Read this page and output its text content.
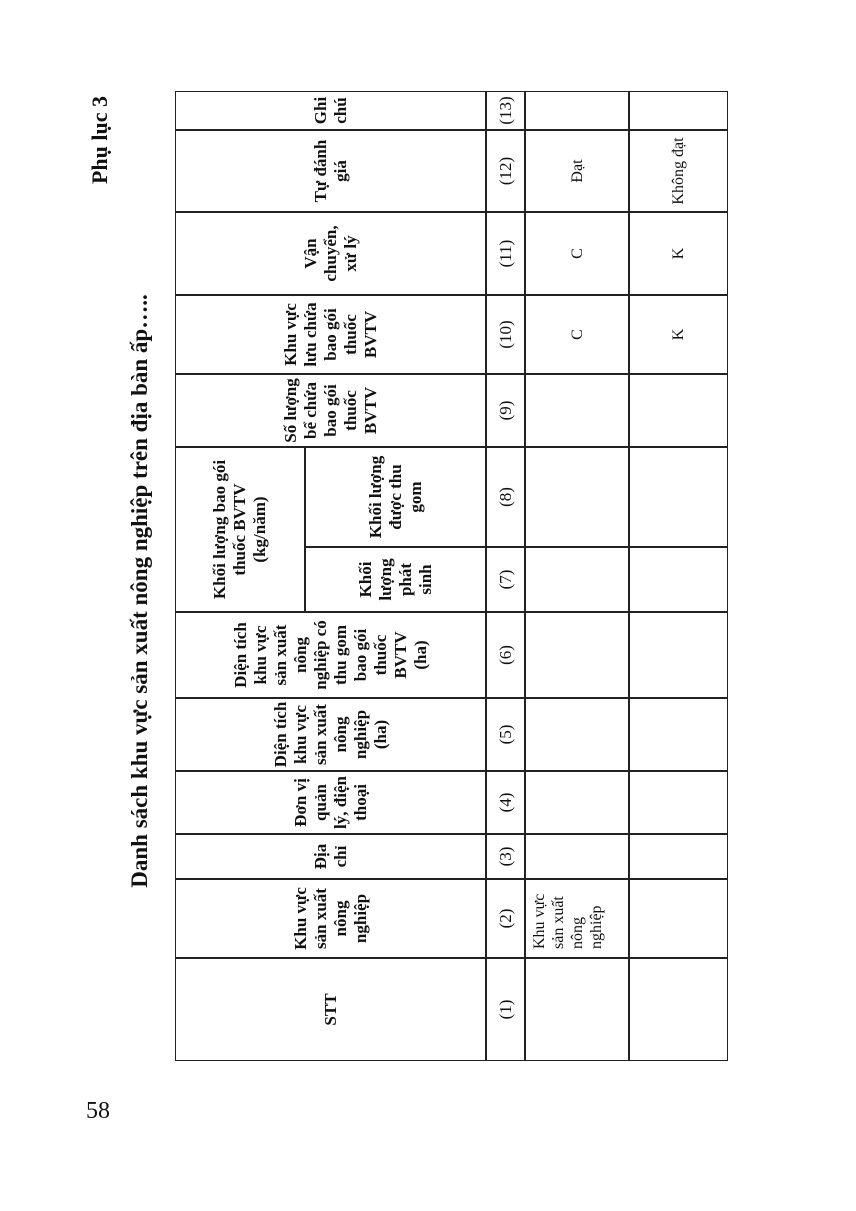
58
Phụ lục 3
Danh sách khu vực sản xuất nông nghiệp trên địa bàn ấp…..
STT
Khu vực sản xuất nông nghiệp
Địa chỉ
Đơn vị quản lý, điện thoại
Diện tích khu vực sản xuất nông nghiệp (ha)
Diện tích khu vực sản xuất nông nghiệp có thu gom bao gói thuốc BVTV (ha)
Khối lượng bao gói thuốc BVTV (kg/năm)
Khối lượng phát sinh
Khối lượng được thu gom
Số lượng bể chứa bao gói thuốc BVTV
Khu vực lưu chứa bao gói thuốc BVTV
Vận chuyển, xử lý
Tự đánh giá
Ghi chú
(1)
(2)
(3)
(4)
(5)
(6)
(7)
(8)
(9)
(10)
(11)
(12)
(13)
Khu vực sản xuất nông nghiệp
C
C
Đạt
K
K
Không đạt
